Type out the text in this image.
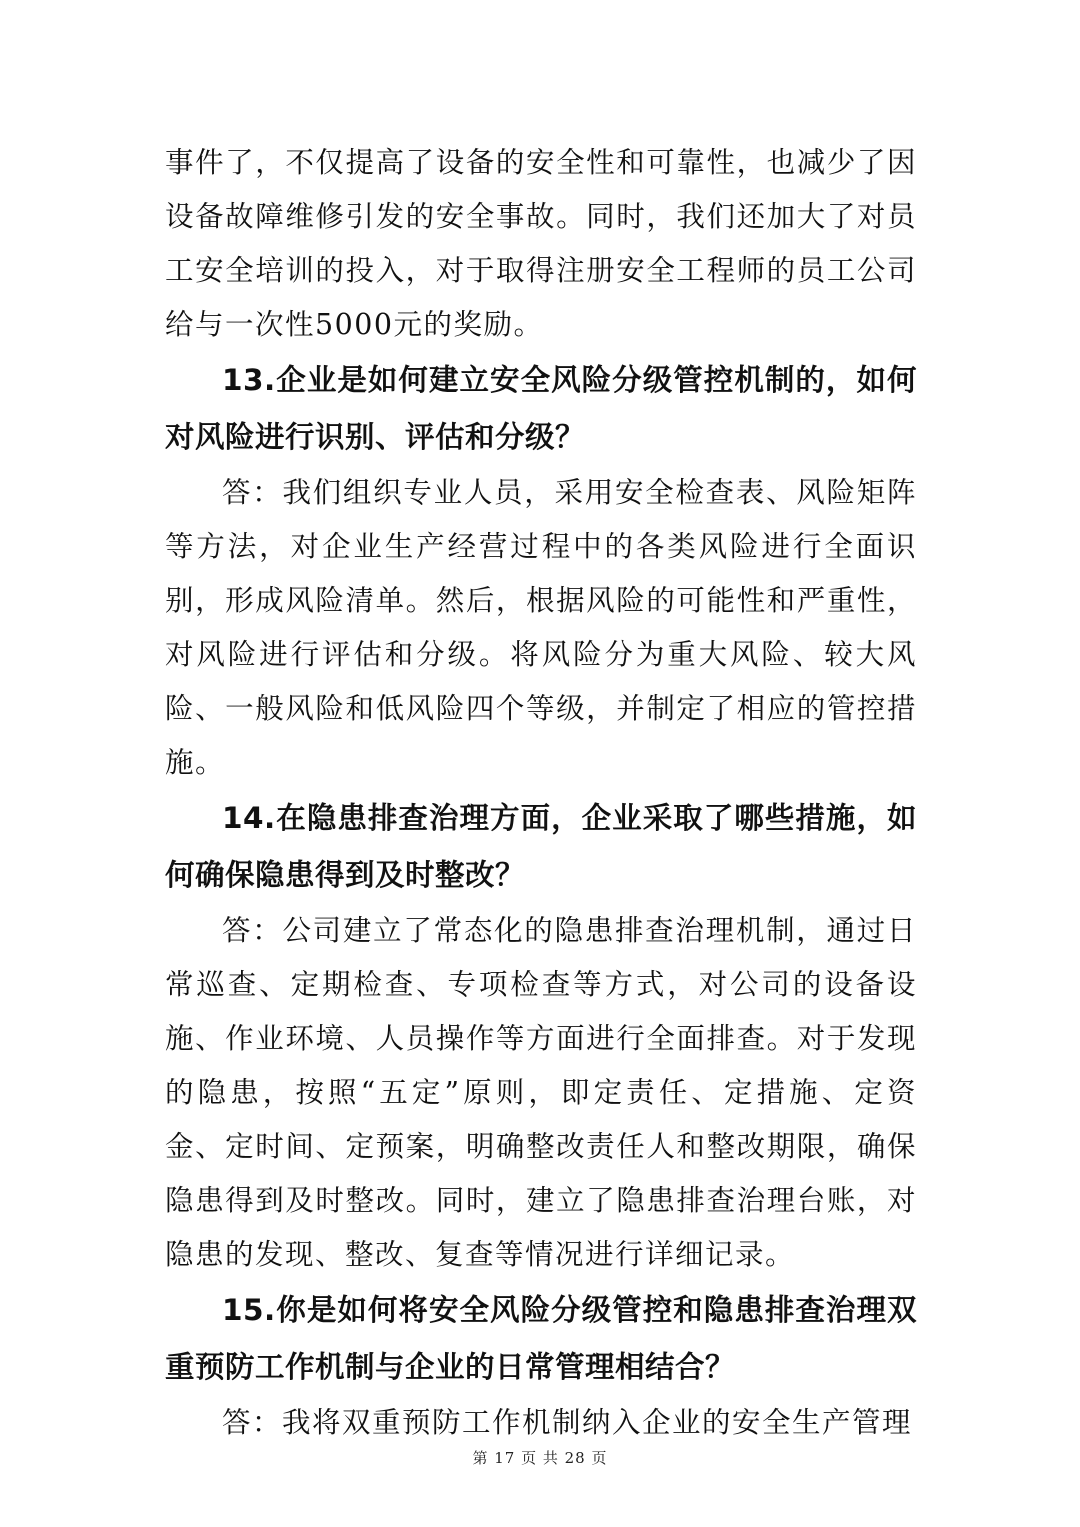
事件了，不仅提高了设备的安全性和可靠性，也减少了因设备故障维修引发的安全事故。同时，我们还加大了对员工安全培训的投入，对于取得注册安全工程师的员工公司给与一次性5000元的奖励。

13.企业是如何建立安全风险分级管控机制的，如何对风险进行识别、评估和分级？

答：我们组织专业人员，采用安全检查表、风险矩阵等方法，对企业生产经营过程中的各类风险进行全面识别，形成风险清单。然后，根据风险的可能性和严重性，对风险进行评估和分级。将风险分为重大风险、较大风险、一般风险和低风险四个等级，并制定了相应的管控措施。

14.在隐患排查治理方面，企业采取了哪些措施，如何确保隐患得到及时整改？

答：公司建立了常态化的隐患排查治理机制，通过日常巡查、定期检查、专项检查等方式，对公司的设备设施、作业环境、人员操作等方面进行全面排查。对于发现的隐患，按照“五定”原则，即定责任、定措施、定资金、定时间、定预案，明确整改责任人和整改期限，确保隐患得到及时整改。同时，建立了隐患排查治理台账，对隐患的发现、整改、复查等情况进行详细记录。

15.你是如何将安全风险分级管控和隐患排查治理双重预防工作机制与企业的日常管理相结合？

答：我将双重预防工作机制纳入企业的安全生产管理

第 17 页 共 28 页
